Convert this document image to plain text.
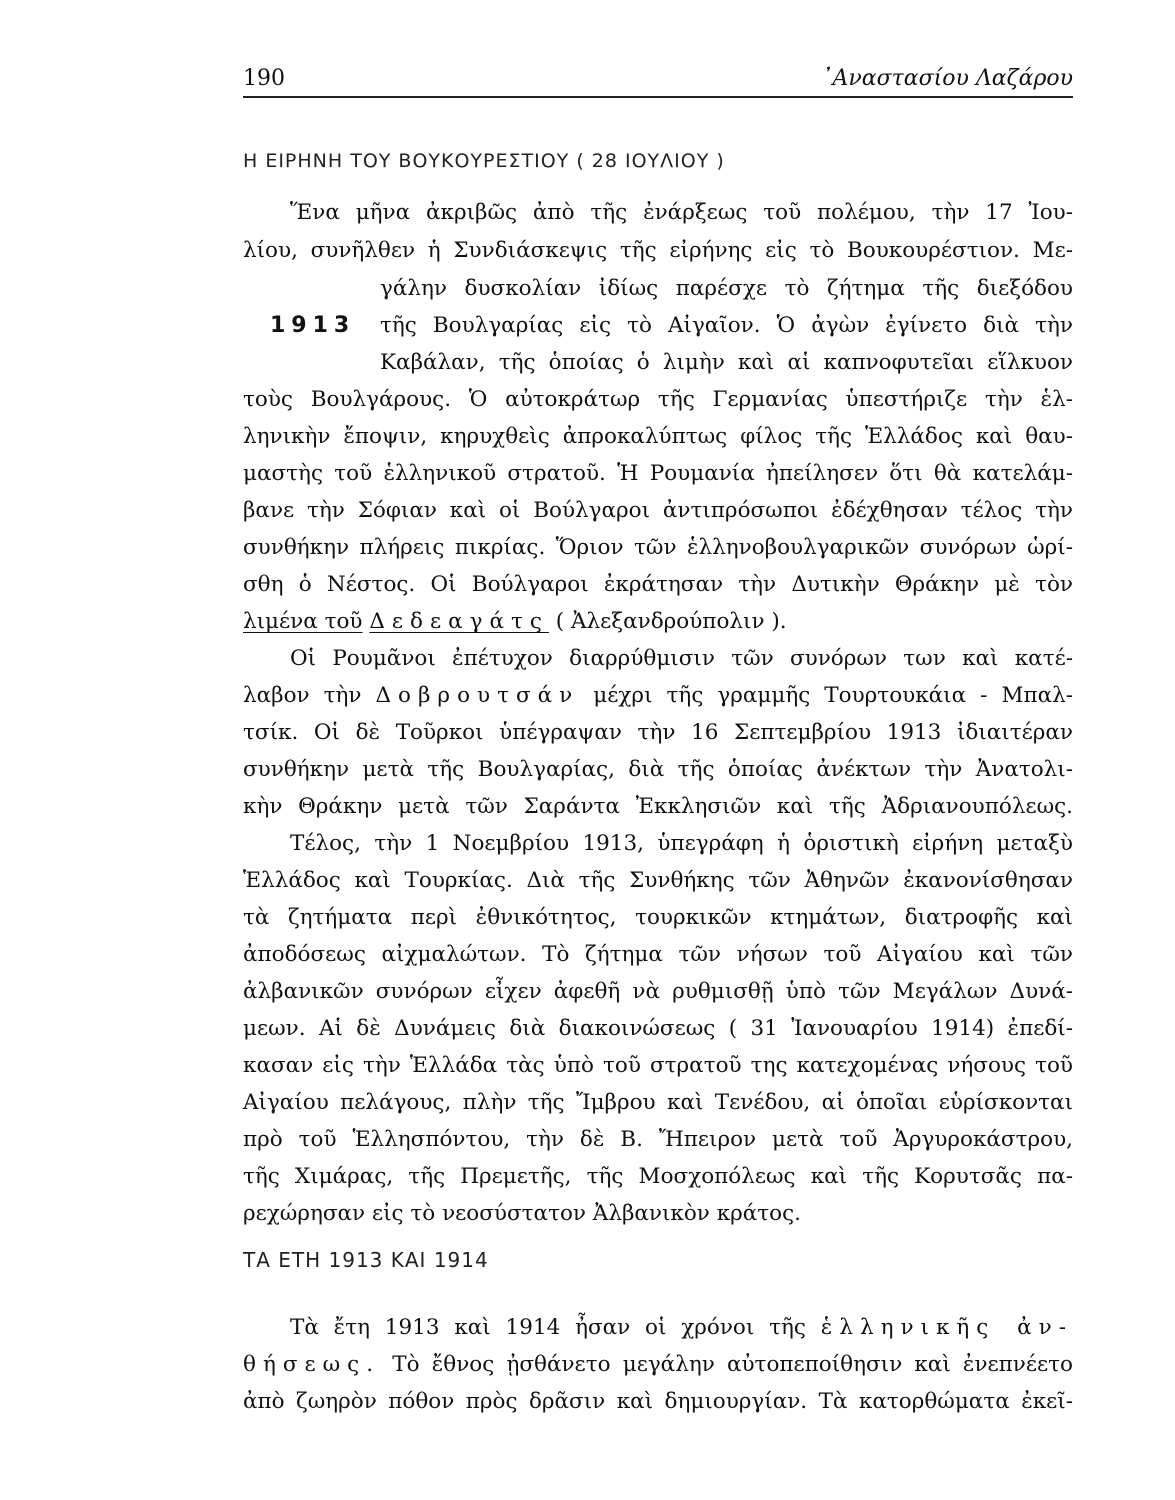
190	᾿Αναστασίου Λαζάρου
Η ΕΙΡΗΝΗ ΤΟΥ ΒΟΥΚΟΥΡΕΣΤΙΟΥ ( 28 ΙΟΥΛΙΟΥ )
1913
Ἕνα μῆνα ἀκριβῶς ἀπὸ τῆς ἐνάρξεως τοῦ πολέμου, τὴν 17 Ἰου-
λίου, συνῆλθεν ἡ Συνδιάσκεψις τῆς εἰρήνης εἰς τὸ Βουκουρέστιον. Με-
γάλην δυσκολίαν ἰδίως παρέσχε τὸ ζήτημα τῆς διεξόδου
τῆς Βουλγαρίας εἰς τὸ Αἰγαῖον. Ὁ ἀγὼν ἐγίνετο διὰ τὴν
Καβάλαν, τῆς ὁποίας ὁ λιμὴν καὶ αἱ καπνοφυτεῖαι εἵλκυον
τοὺς Βουλγάρους. Ὁ αὐτοκράτωρ τῆς Γερμανίας ὑπεστήριζε τὴν ἑλ-
ληνικὴν ἔποψιν, κηρυχθεὶς ἀπροκαλύπτως φίλος τῆς Ἑλλάδος καὶ θαυ-
μαστὴς τοῦ ἑλληνικοῦ στρατοῦ. Ἡ Ρουμανία ἠπείλησεν ὅτι θὰ κατελάμ-
βανε τὴν Σόφιαν καὶ οἱ Βούλγαροι ἀντιπρόσωποι ἐδέχθησαν τέλος τὴν
συνθήκην πλήρεις πικρίας. Ὅριον τῶν ἑλληνοβουλγαρικῶν συνόρων ὡρί-
σθη ὁ Νέστος. Οἱ Βούλγαροι ἐκράτησαν τὴν Δυτικὴν Θράκην μὲ τὸν
λιμένα τοῦ Δεδεαγάτς ( Ἀλεξανδρούπολιν ).
Οἱ Ρουμᾶνοι ἐπέτυχον διαρρύθμισιν τῶν συνόρων των καὶ κατέ-
λαβον τὴν Δοβρουτσάν μέχρι τῆς γραμμῆς Τουρτουκάια - Μπαλ-
τσίκ. Οἱ δὲ Τοῦρκοι ὑπέγραψαν τὴν 16 Σεπτεμβρίου 1913 ἰδιαιτέραν
συνθήκην μετὰ τῆς Βουλγαρίας, διὰ τῆς ὁποίας ἀνέκτων τὴν Ἀνατολι-
κὴν Θράκην μετὰ τῶν Σαράντα Ἐκκλησιῶν καὶ τῆς Ἀδριανουπόλεως.
Τέλος, τὴν 1 Νοεμβρίου 1913, ὑπεγράφη ἡ ὁριστικὴ εἰρήνη μεταξὺ
Ἑλλάδος καὶ Τουρκίας. Διὰ τῆς Συνθήκης τῶν Ἀθηνῶν ἐκανονίσθησαν
τὰ ζητήματα περὶ ἐθνικότητος, τουρκικῶν κτημάτων, διατροφῆς καὶ
ἀποδόσεως αἰχμαλώτων. Τὸ ζήτημα τῶν νήσων τοῦ Αἰγαίου καὶ τῶν
ἀλβανικῶν συνόρων εἶχεν ἀφεθῆ νὰ ρυθμισθῇ ὑπὸ τῶν Μεγάλων Δυνά-
μεων. Αἱ δὲ Δυνάμεις διὰ διακοινώσεως ( 31 Ἰανουαρίου 1914) ἐπεδί-
κασαν εἰς τὴν Ἑλλάδα τὰς ὑπὸ τοῦ στρατοῦ της κατεχομένας νήσους τοῦ
Αἰγαίου πελάγους, πλὴν τῆς Ἴμβρου καὶ Τενέδου, αἱ ὁποῖαι εὑρίσκονται
πρὸ τοῦ Ἑλλησπόντου, τὴν δὲ Β. Ἤπειρον μετὰ τοῦ Ἀργυροκάστρου,
τῆς Χιμάρας, τῆς Πρεμετῆς, τῆς Μοσχοπόλεως καὶ τῆς Κορυτσᾶς πα-
ρεχώρησαν εἰς τὸ νεοσύστατον Ἀλβανικὸν κράτος.
ΤΑ ΕΤΗ 1913 ΚΑΙ 1914
Τὰ ἔτη 1913 καὶ 1914 ἦσαν οἱ χρόνοι τῆς ἑλληνικῆς ἀν-
θήσεως. Τὸ ἔθνος ᾐσθάνετο μεγάλην αὐτοπεποίθησιν καὶ ἐνεπνέετο
ἀπὸ ζωηρὸν πόθον πρὸς δρᾶσιν καὶ δημιουργίαν. Τὰ κατορθώματα ἐκεῖ-
